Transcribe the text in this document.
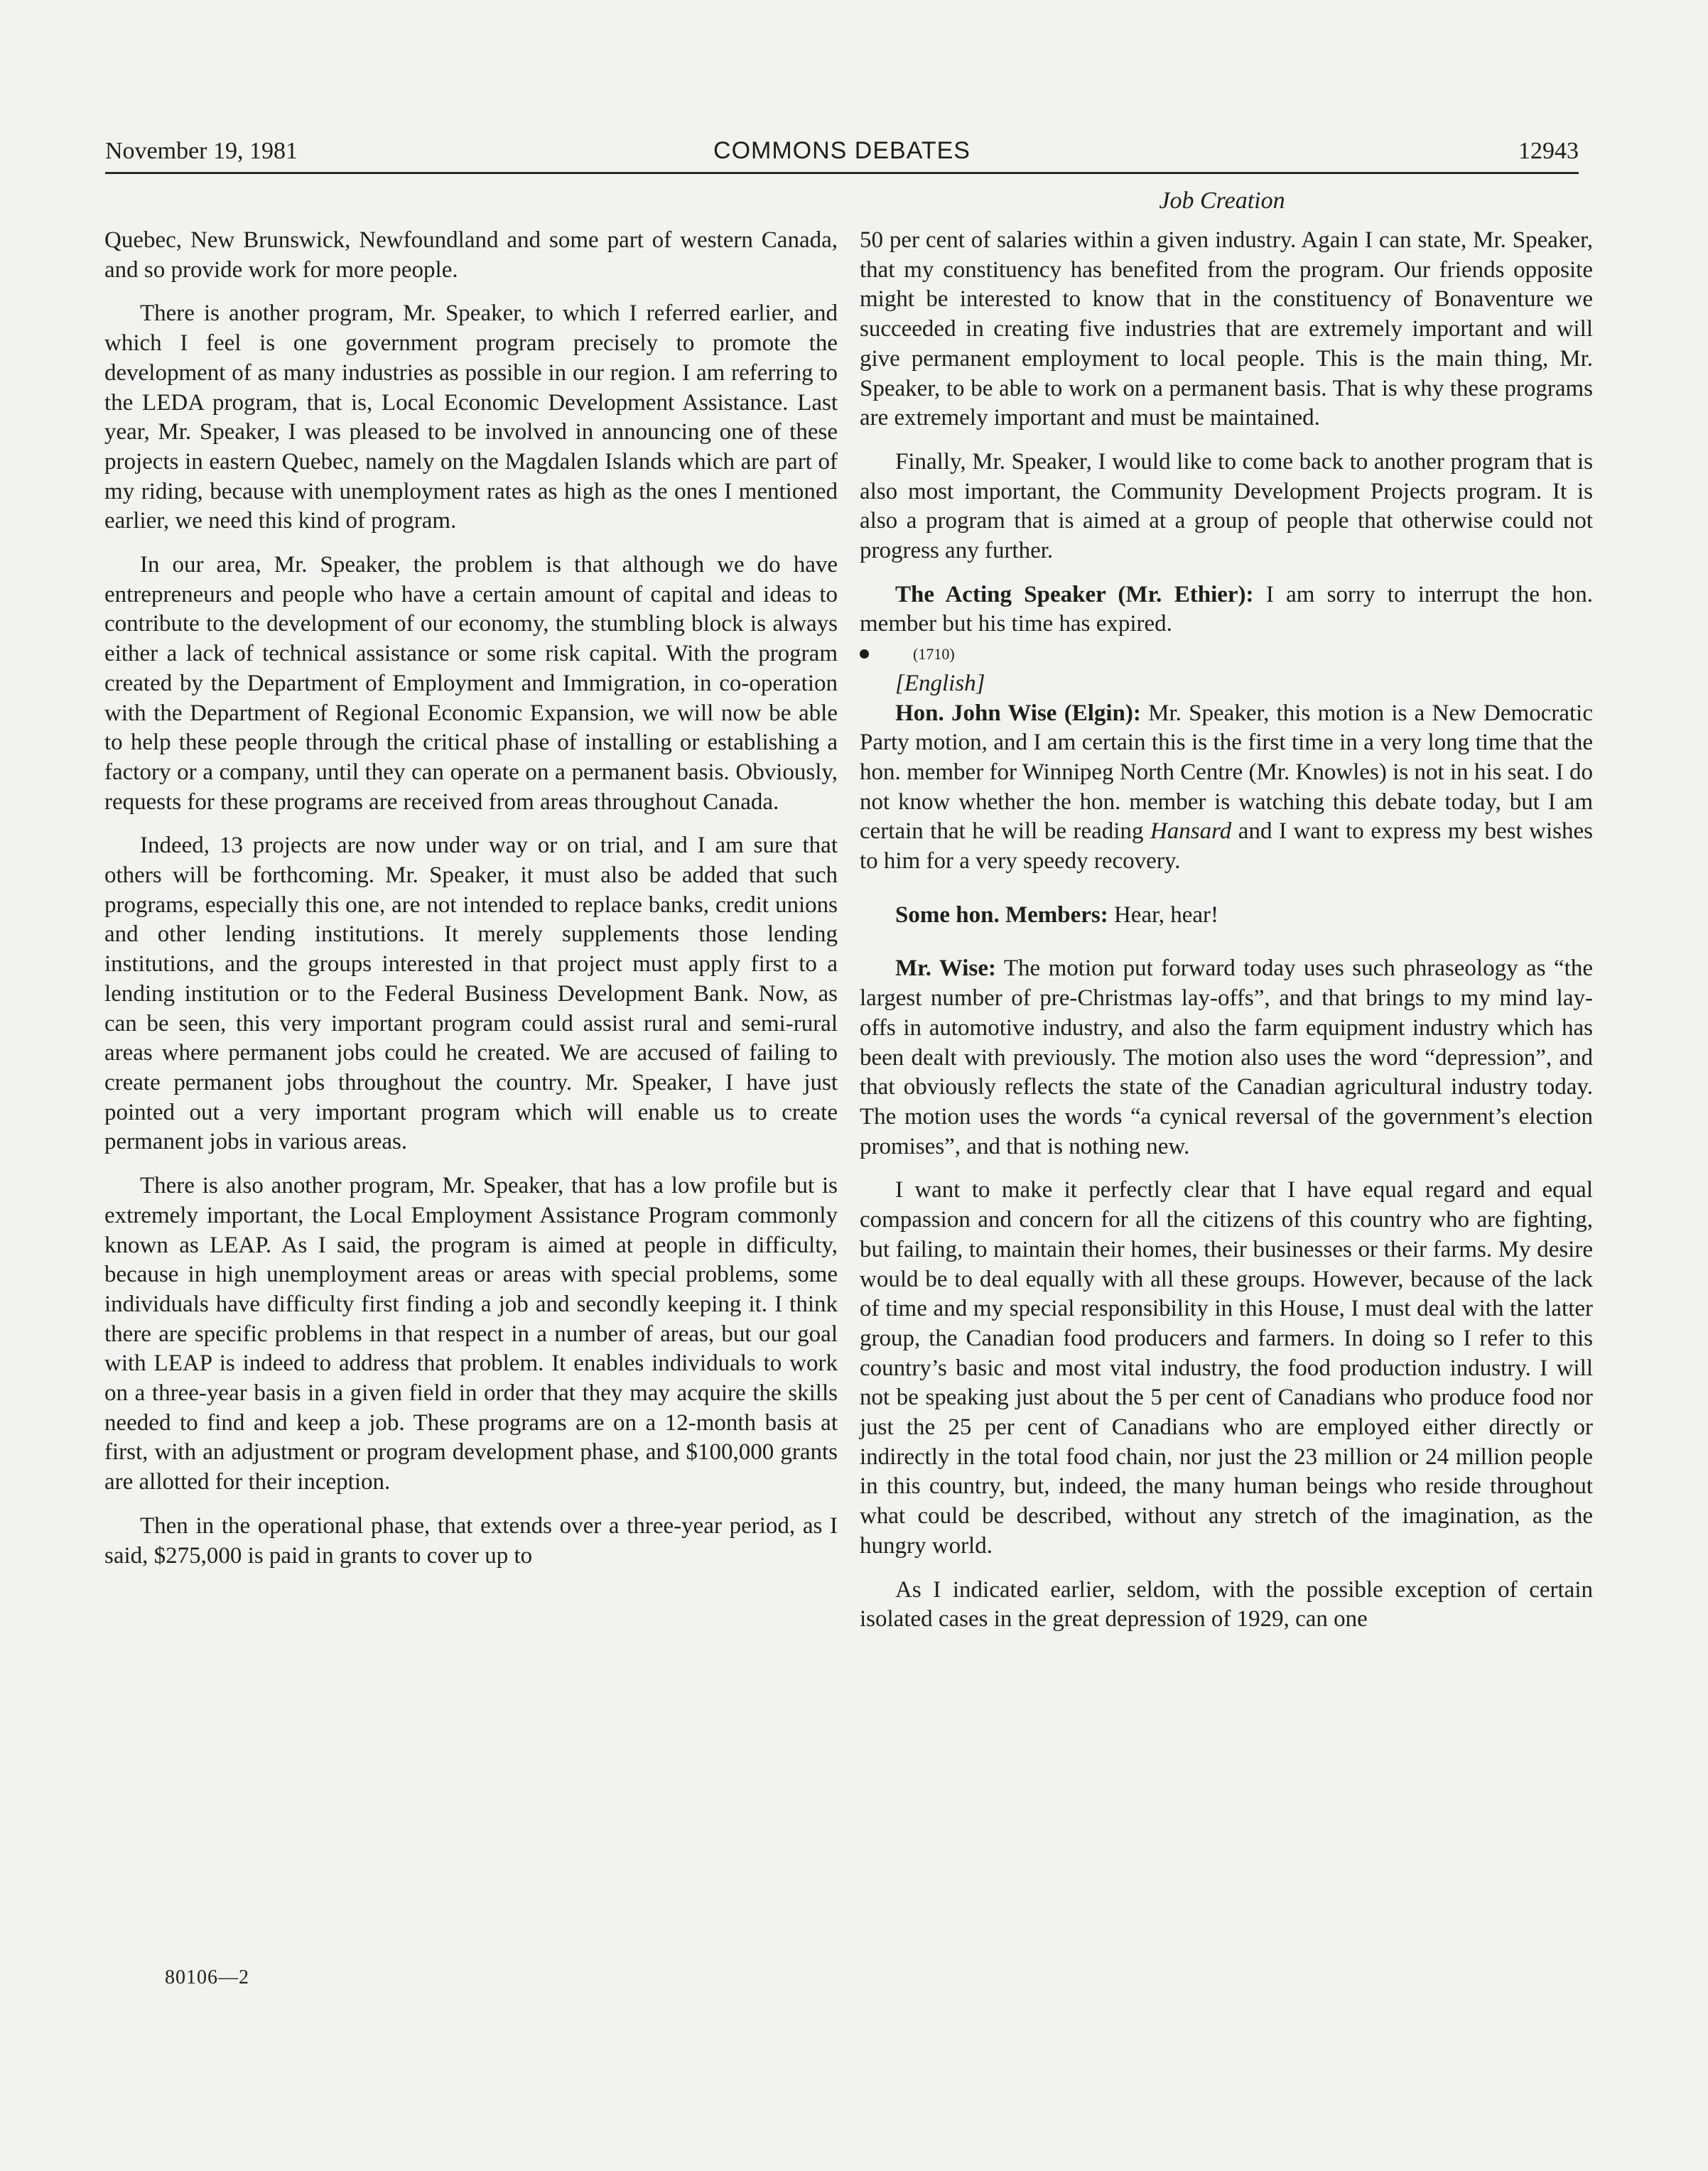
November 19, 1981	COMMONS DEBATES	12943
Job Creation

Quebec, New Brunswick, Newfoundland and some part of western Canada, and so provide work for more people.

There is another program, Mr. Speaker, to which I referred earlier, and which I feel is one government program precisely to promote the development of as many industries as possible in our region. I am referring to the LEDA program, that is, Local Economic Development Assistance. Last year, Mr. Speaker, I was pleased to be involved in announcing one of these projects in eastern Quebec, namely on the Magdalen Islands which are part of my riding, because with unemployment rates as high as the ones I mentioned earlier, we need this kind of program.

In our area, Mr. Speaker, the problem is that although we do have entrepreneurs and people who have a certain amount of capital and ideas to contribute to the development of our economy, the stumbling block is always either a lack of technical assistance or some risk capital. With the program created by the Department of Employment and Immigration, in co-operation with the Department of Regional Economic Expansion, we will now be able to help these people through the critical phase of installing or establishing a factory or a company, until they can operate on a permanent basis. Obviously, requests for these programs are received from areas throughout Canada.

Indeed, 13 projects are now under way or on trial, and I am sure that others will be forthcoming. Mr. Speaker, it must also be added that such programs, especially this one, are not intended to replace banks, credit unions and other lending institutions. It merely supplements those lending institutions, and the groups interested in that project must apply first to a lending institution or to the Federal Business Development Bank. Now, as can be seen, this very important program could assist rural and semi-rural areas where permanent jobs could he created. We are accused of failing to create permanent jobs throughout the country. Mr. Speaker, I have just pointed out a very important program which will enable us to create permanent jobs in various areas.

There is also another program, Mr. Speaker, that has a low profile but is extremely important, the Local Employment Assistance Program commonly known as LEAP. As I said, the program is aimed at people in difficulty, because in high unemployment areas or areas with special problems, some individuals have difficulty first finding a job and secondly keeping it. I think there are specific problems in that respect in a number of areas, but our goal with LEAP is indeed to address that problem. It enables individuals to work on a three-year basis in a given field in order that they may acquire the skills needed to find and keep a job. These programs are on a 12-month basis at first, with an adjustment or program development phase, and $100,000 grants are allotted for their inception.

Then in the operational phase, that extends over a three-year period, as I said, $275,000 is paid in grants to cover up to

50 per cent of salaries within a given industry. Again I can state, Mr. Speaker, that my constituency has benefited from the program. Our friends opposite might be interested to know that in the constituency of Bonaventure we succeeded in creating five industries that are extremely important and will give permanent employment to local people. This is the main thing, Mr. Speaker, to be able to work on a permanent basis. That is why these programs are extremely important and must be maintained.

Finally, Mr. Speaker, I would like to come back to another program that is also most important, the Community Development Projects program. It is also a program that is aimed at a group of people that otherwise could not progress any further.

The Acting Speaker (Mr. Ethier): I am sorry to interrupt the hon. member but his time has expired.

(1710)

[English]

Hon. John Wise (Elgin): Mr. Speaker, this motion is a New Democratic Party motion, and I am certain this is the first time in a very long time that the hon. member for Winnipeg North Centre (Mr. Knowles) is not in his seat. I do not know whether the hon. member is watching this debate today, but I am certain that he will be reading Hansard and I want to express my best wishes to him for a very speedy recovery.

Some hon. Members: Hear, hear!

Mr. Wise: The motion put forward today uses such phraseology as “the largest number of pre-Christmas lay-offs”, and that brings to my mind lay-offs in automotive industry, and also the farm equipment industry which has been dealt with previously. The motion also uses the word “depression”, and that obviously reflects the state of the Canadian agricultural industry today. The motion uses the words “a cynical reversal of the government’s election promises”, and that is nothing new.

I want to make it perfectly clear that I have equal regard and equal compassion and concern for all the citizens of this country who are fighting, but failing, to maintain their homes, their businesses or their farms. My desire would be to deal equally with all these groups. However, because of the lack of time and my special responsibility in this House, I must deal with the latter group, the Canadian food producers and farmers. In doing so I refer to this country’s basic and most vital industry, the food production industry. I will not be speaking just about the 5 per cent of Canadians who produce food nor just the 25 per cent of Canadians who are employed either directly or indirectly in the total food chain, nor just the 23 million or 24 million people in this country, but, indeed, the many human beings who reside throughout what could be described, without any stretch of the imagination, as the hungry world.

As I indicated earlier, seldom, with the possible exception of certain isolated cases in the great depression of 1929, can one

80106—2
